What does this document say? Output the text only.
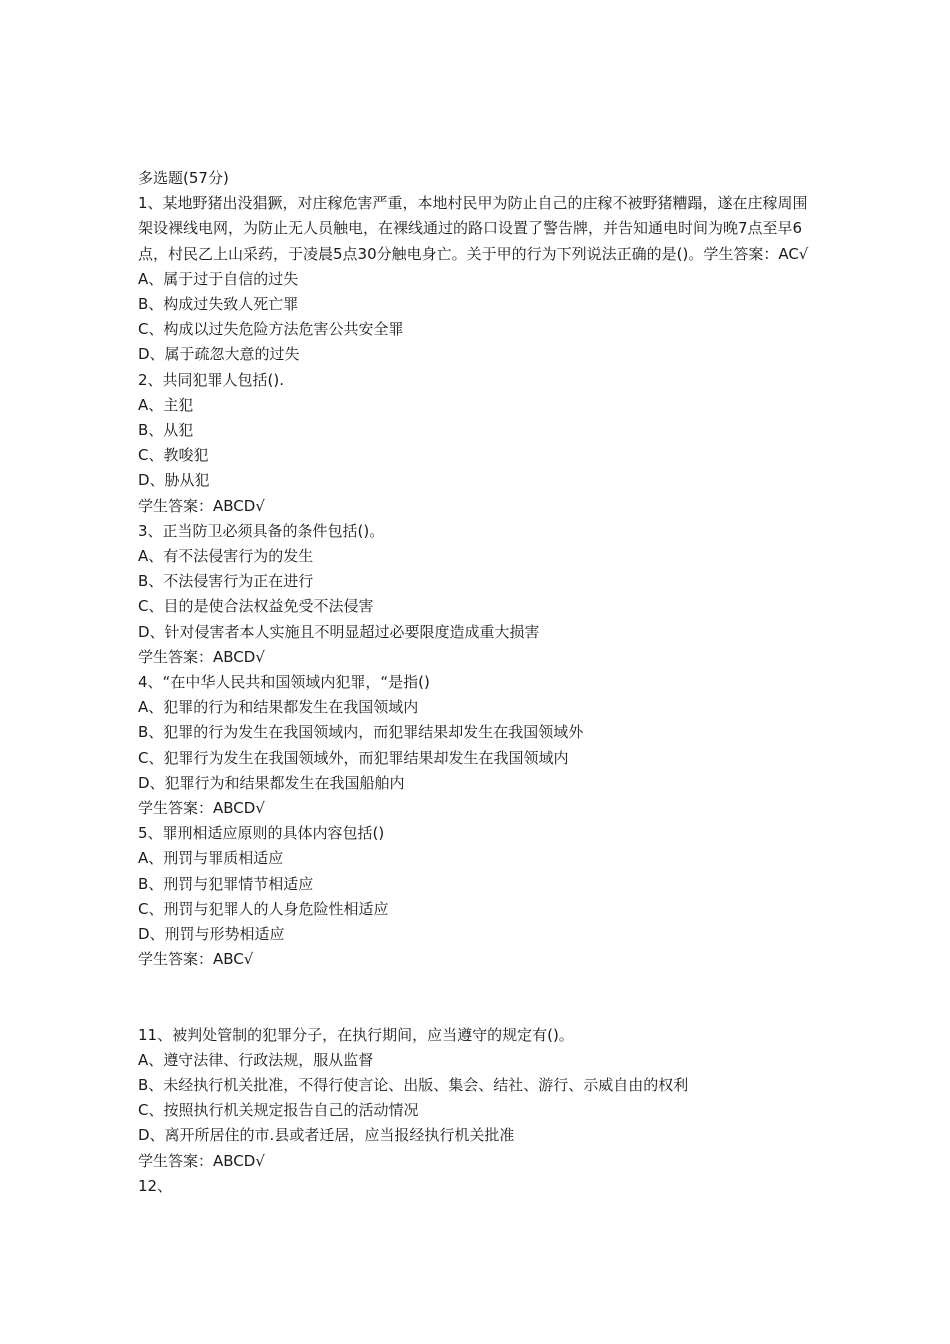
多选题(57分)
1、某地野猪出没猖獗，对庄稼危害严重，本地村民甲为防止自己的庄稼不被野猪糟蹋，遂在庄稼周围架设裸线电网，为防止无人员触电，在裸线通过的路口设置了警告牌，并告知通电时间为晚7点至早6点，村民乙上山采药，于凌晨5点30分触电身亡。关于甲的行为下列说法正确的是()。学生答案：AC√
A、属于过于自信的过失
B、构成过失致人死亡罪
C、构成以过失危险方法危害公共安全罪
D、属于疏忽大意的过失
2、共同犯罪人包括().
A、主犯
B、从犯
C、教唆犯
D、胁从犯
学生答案：ABCD√
3、正当防卫必须具备的条件包括()。
A、有不法侵害行为的发生
B、不法侵害行为正在进行
C、目的是使合法权益免受不法侵害
D、针对侵害者本人实施且不明显超过必要限度造成重大损害
学生答案：ABCD√
4、“在中华人民共和国领域内犯罪，“是指()
A、犯罪的行为和结果都发生在我国领域内
B、犯罪的行为发生在我国领域内，而犯罪结果却发生在我国领域外
C、犯罪行为发生在我国领域外，而犯罪结果却发生在我国领域内
D、犯罪行为和结果都发生在我国船舶内
学生答案：ABCD√
5、罪刑相适应原则的具体内容包括()
A、刑罚与罪质相适应
B、刑罚与犯罪情节相适应
C、刑罚与犯罪人的人身危险性相适应
D、刑罚与形势相适应
学生答案：ABC√
11、被判处管制的犯罪分子，在执行期间，应当遵守的规定有()。
A、遵守法律、行政法规，服从监督
B、未经执行机关批准，不得行使言论、出版、集会、结社、游行、示威自由的权利
C、按照执行机关规定报告自己的活动情况
D、离开所居住的市.县或者迁居，应当报经执行机关批准
学生答案：ABCD√
12、
